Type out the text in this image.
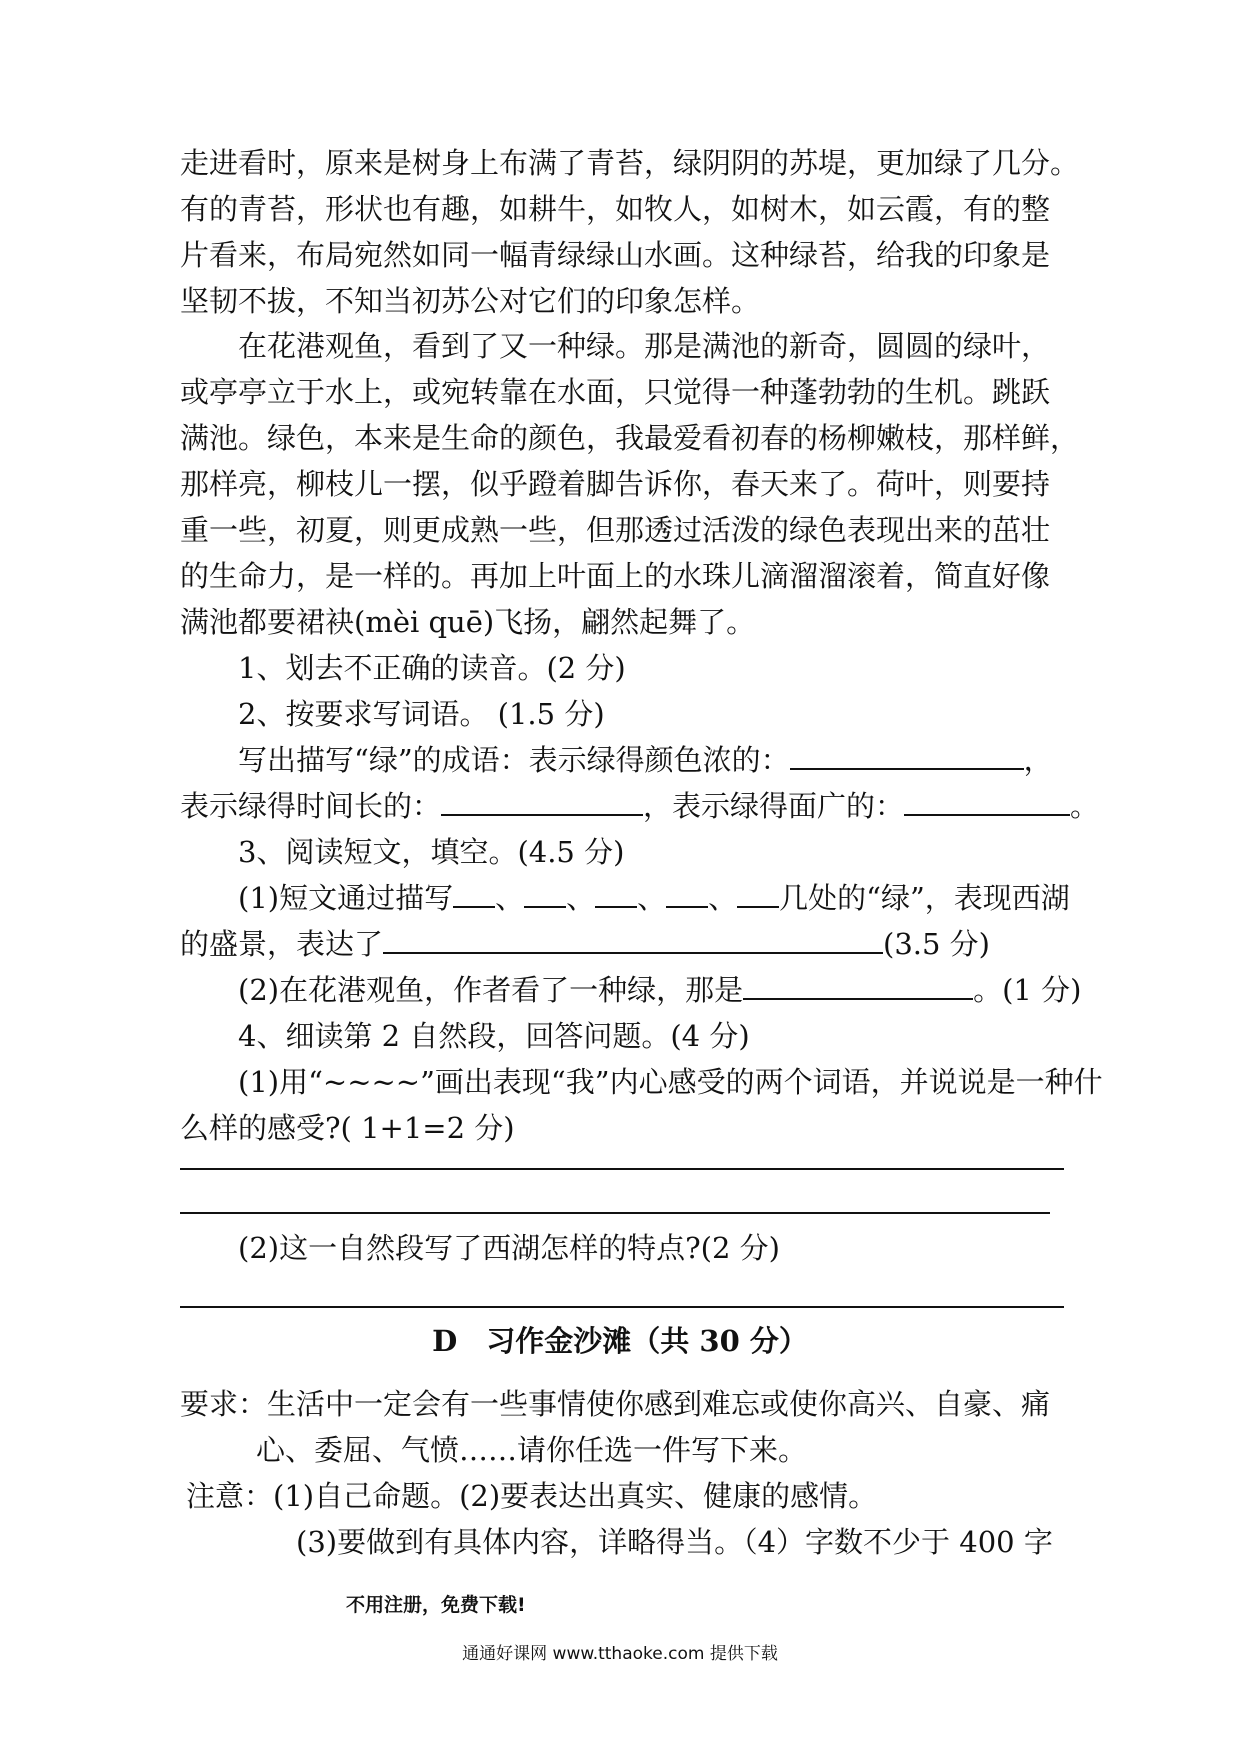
走进看时，原来是树身上布满了青苔，绿阴阴的苏堤，更加绿了几分。
有的青苔，形状也有趣，如耕牛，如牧人，如树木，如云霞，有的整
片看来，布局宛然如同一幅青绿绿山水画。这种绿苔，给我的印象是
坚韧不拔，不知当初苏公对它们的印象怎样。
在花港观鱼，看到了又一种绿。那是满池的新奇，圆圆的绿叶，
或亭亭立于水上，或宛转靠在水面，只觉得一种蓬勃勃的生机。跳跃
满池。绿色，本来是生命的颜色，我最爱看初春的杨柳嫩枝，那样鲜，
那样亮，柳枝儿一摆，似乎蹬着脚告诉你，春天来了。荷叶，则要持
重一些，初夏，则更成熟一些，但那透过活泼的绿色表现出来的茁壮
的生命力，是一样的。再加上叶面上的水珠儿滴溜溜滚着，简直好像
满池都要裙袂(mèi quē)飞扬，翩然起舞了。
1、划去不正确的读音。(2 分)
2、按要求写词语。 (1.5 分)
写出描写“绿”的成语：表示绿得颜色浓的：	，
表示绿得时间长的：	，表示绿得面广的：	。
3、阅读短文，填空。(4.5 分)
(1)短文通过描写 、 、 、 、 几处的“绿”，表现西湖
的盛景，表达了	(3.5 分)
(2)在花港观鱼，作者看了一种绿，那是	。(1 分)
4、细读第 2 自然段，回答问题。(4 分)
(1)用“~~~~”画出表现“我”内心感受的两个词语，并说说是一种什
么样的感受?( 1+1=2 分)
(2)这一自然段写了西湖怎样的特点?(2 分)
D　习作金沙滩（共 30 分）
要求：生活中一定会有一些事情使你感到难忘或使你高兴、自豪、痛
心、委屈、气愤……请你任选一件写下来。
注意：(1)自己命题。(2)要表达出真实、健康的感情。
(3)要做到有具体内容，详略得当。（4）字数不少于 400 字
不用注册，免费下载!
通通好课网 www.tthaoke.com 提供下载
